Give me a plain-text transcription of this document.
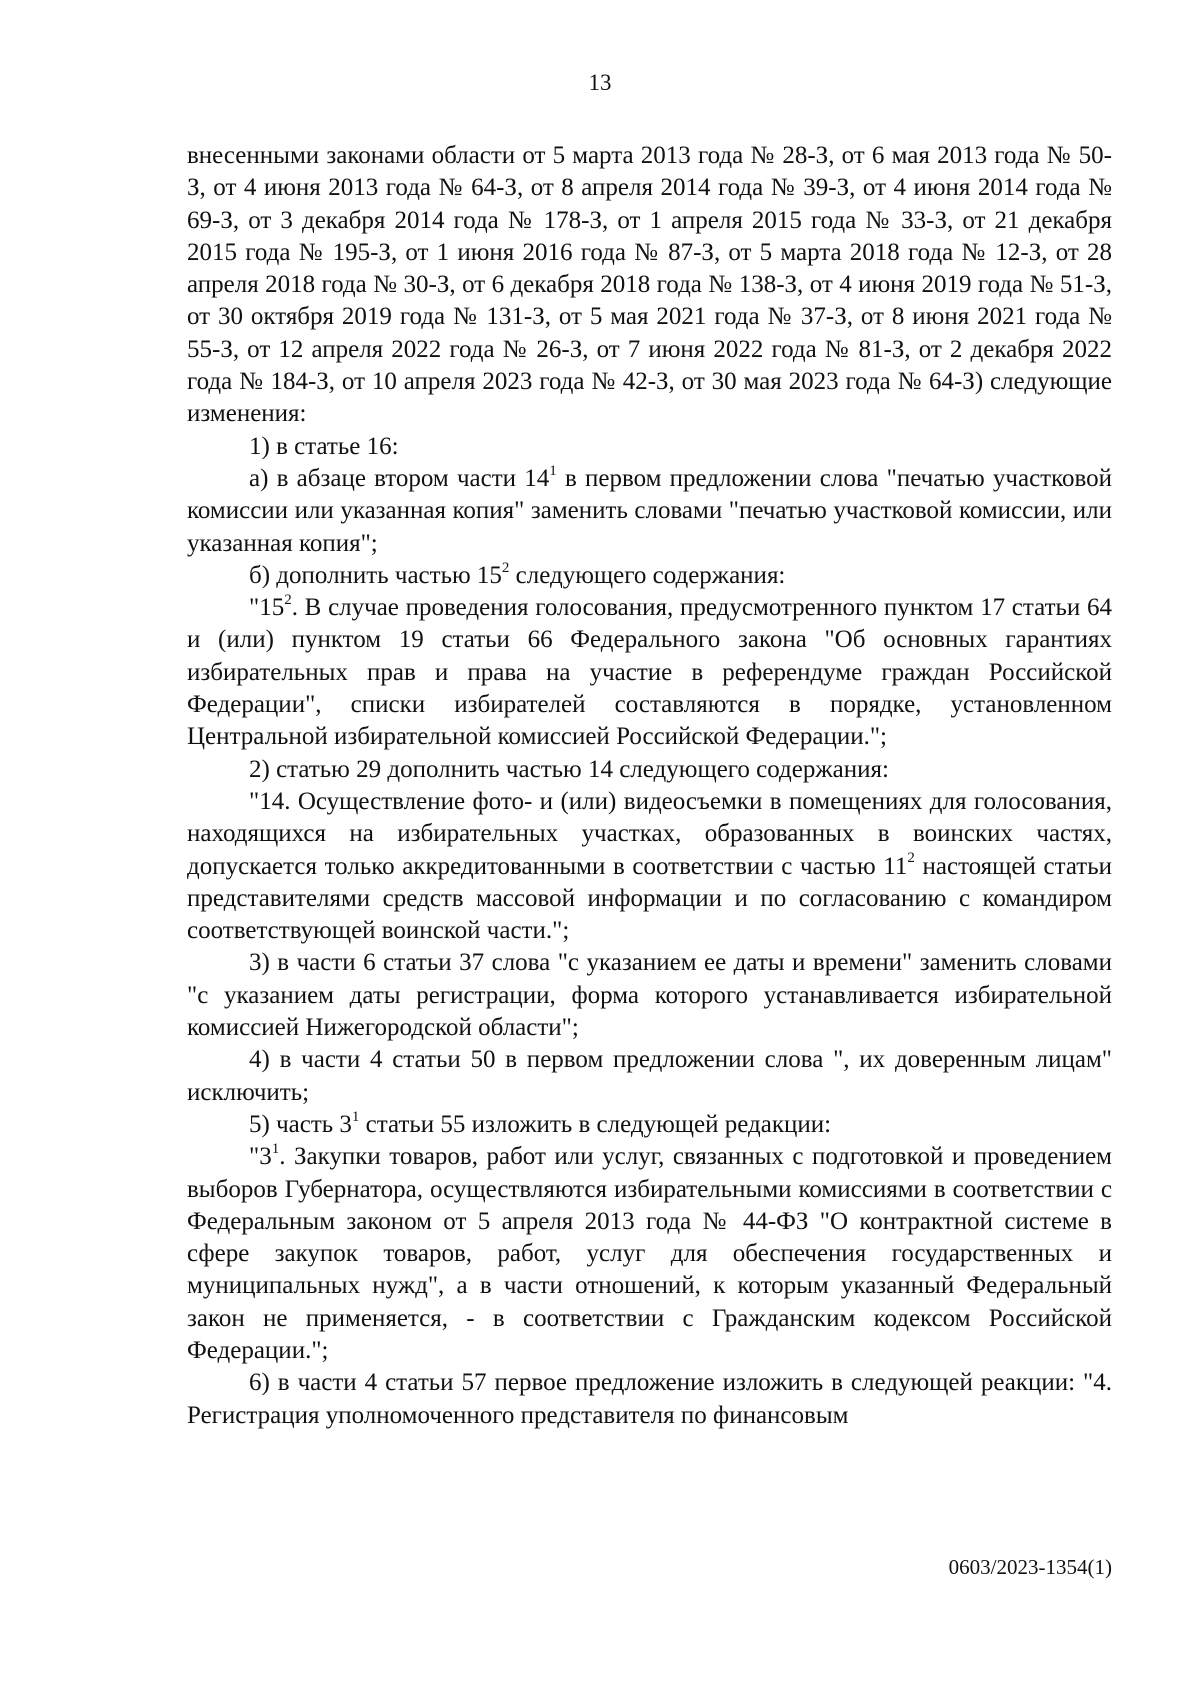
13

внесенными законами области от 5 марта 2013 года № 28-З, от 6 мая 2013 года № 50-З, от 4 июня 2013 года № 64-З, от 8 апреля 2014 года № 39-З, от 4 июня 2014 года № 69-З, от 3 декабря 2014 года № 178-З, от 1 апреля 2015 года № 33-З, от 21 декабря 2015 года № 195-З, от 1 июня 2016 года № 87-З, от 5 марта 2018 года № 12-З, от 28 апреля 2018 года № 30-З, от 6 декабря 2018 года № 138-З, от 4 июня 2019 года № 51-З, от 30 октября 2019 года № 131-З, от 5 мая 2021 года № 37-З, от 8 июня 2021 года № 55-З, от 12 апреля 2022 года № 26-З, от 7 июня 2022 года № 81-З, от 2 декабря 2022 года № 184-З, от 10 апреля 2023 года № 42-З, от 30 мая 2023 года № 64-З) следующие изменения:

1) в статье 16:

а) в абзаце втором части $14^1$ в первом предложении слова "печатью участковой комиссии или указанная копия" заменить словами "печатью участковой комиссии, или указанная копия";

б) дополнить частью $15^2$ следующего содержания:

"$15^2$. В случае проведения голосования, предусмотренного пунктом 17 статьи 64 и (или) пунктом 19 статьи 66 Федерального закона "Об основных гарантиях избирательных прав и права на участие в референдуме граждан Российской Федерации", списки избирателей составляются в порядке, установленном Центральной избирательной комиссией Российской Федерации.";

2) статью 29 дополнить частью 14 следующего содержания:

"14. Осуществление фото- и (или) видеосъемки в помещениях для голосования, находящихся на избирательных участках, образованных в воинских частях, допускается только аккредитованными в соответствии с частью $11^2$ настоящей статьи представителями средств массовой информации и по согласованию с командиром соответствующей воинской части.";

3) в части 6 статьи 37 слова "с указанием ее даты и времени" заменить словами "с указанием даты регистрации, форма которого устанавливается избирательной комиссией Нижегородской области";

4) в части 4 статьи 50 в первом предложении слова ", их доверенным лицам" исключить;

5) часть $3^1$ статьи 55 изложить в следующей редакции:

"$3^1$. Закупки товаров, работ или услуг, связанных с подготовкой и проведением выборов Губернатора, осуществляются избирательными комиссиями в соответствии с Федеральным законом от 5 апреля 2013 года № 44-ФЗ "О контрактной системе в сфере закупок товаров, работ, услуг для обеспечения государственных и муниципальных нужд", а в части отношений, к которым указанный Федеральный закон не применяется, - в соответствии с Гражданским кодексом Российской Федерации.";

6) в части 4 статьи 57 первое предложение изложить в следующей реакции: "4. Регистрация уполномоченного представителя по финансовым

0603/2023-1354(1)
